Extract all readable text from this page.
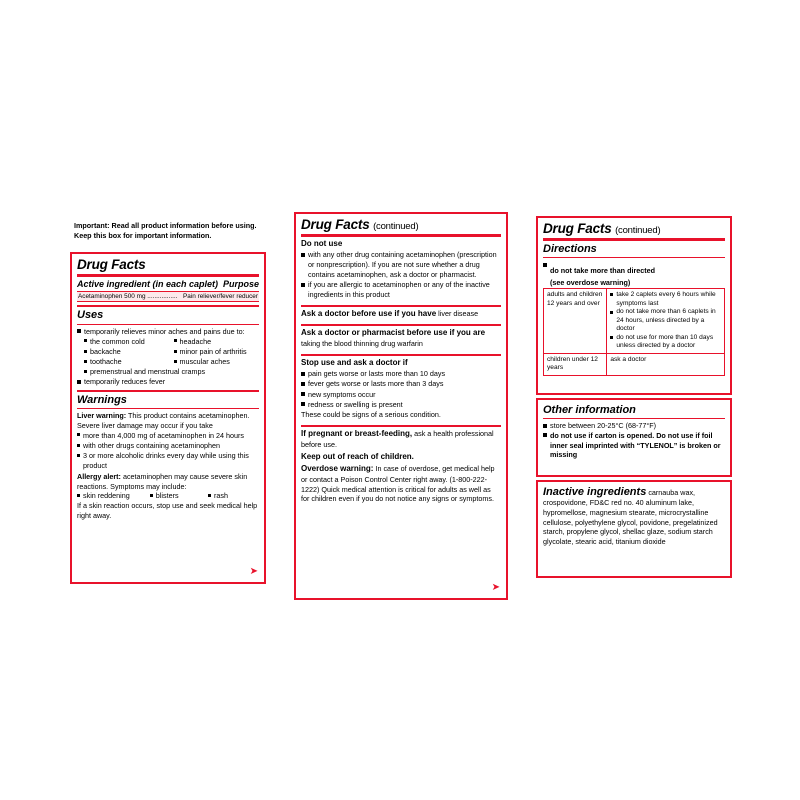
Important: Read all product information before using.
Keep this box for important information.
Drug Facts
Active ingredient (in each caplet) Purpose
Acetaminophen 500 mg ................. Pain reliever/fever reducer
Uses
temporarily relieves minor aches and pains due to:
the common cold
backache
toothache
headache
minor pain of arthritis
muscular aches
premenstrual and menstrual cramps
temporarily reduces fever
Warnings
Liver warning: This product contains acetaminophen. Severe liver damage may occur if you take
more than 4,000 mg of acetaminophen in 24 hours
with other drugs containing acetaminophen
3 or more alcoholic drinks every day while using this product
Allergy alert: acetaminophen may cause severe skin reactions. Symptoms may include:
skin reddening	blisters	rash
If a skin reaction occurs, stop use and seek medical help right away.
➤
Drug Facts (continued)
Do not use
with any other drug containing acetaminophen (prescription or nonprescription). If you are not sure whether a drug contains acetaminophen, ask a doctor or pharmacist.
if you are allergic to acetaminophen or any of the inactive ingredients in this product
Ask a doctor before use if you have liver disease
Ask a doctor or pharmacist before use if you are taking the blood thinning drug warfarin
Stop use and ask a doctor if
pain gets worse or lasts more than 10 days
fever gets worse or lasts more than 3 days
new symptoms occur
redness or swelling is present
These could be signs of a serious condition.
If pregnant or breast-feeding, ask a health professional before use.
Keep out of reach of children.
Overdose warning: In case of overdose, get medical help or contact a Poison Control Center right away. (1-800-222-1222) Quick medical attention is critical for adults as well as for children even if you do not notice any signs or symptoms.
➤
Drug Facts (continued)
Directions
do not take more than directed
(see overdose warning)
adults and children 12 years and over	take 2 caplets every 6 hours while symptoms last
do not take more than 6 caplets in 24 hours, unless directed by a doctor
do not use for more than 10 days unless directed by a doctor

children under 12 years	ask a doctor
Other information
store between 20-25°C (68-77°F)
do not use if carton is opened. Do not use if foil inner seal imprinted with “TYLENOL” is broken or missing
Inactive ingredients carnauba wax, crospovidone, FD&C red no. 40 aluminum lake, hypromellose, magnesium stearate, microcrystalline cellulose, polyethylene glycol, povidone, pregelatinized starch, propylene glycol, shellac glaze, sodium starch glycolate, stearic acid, titanium dioxide
